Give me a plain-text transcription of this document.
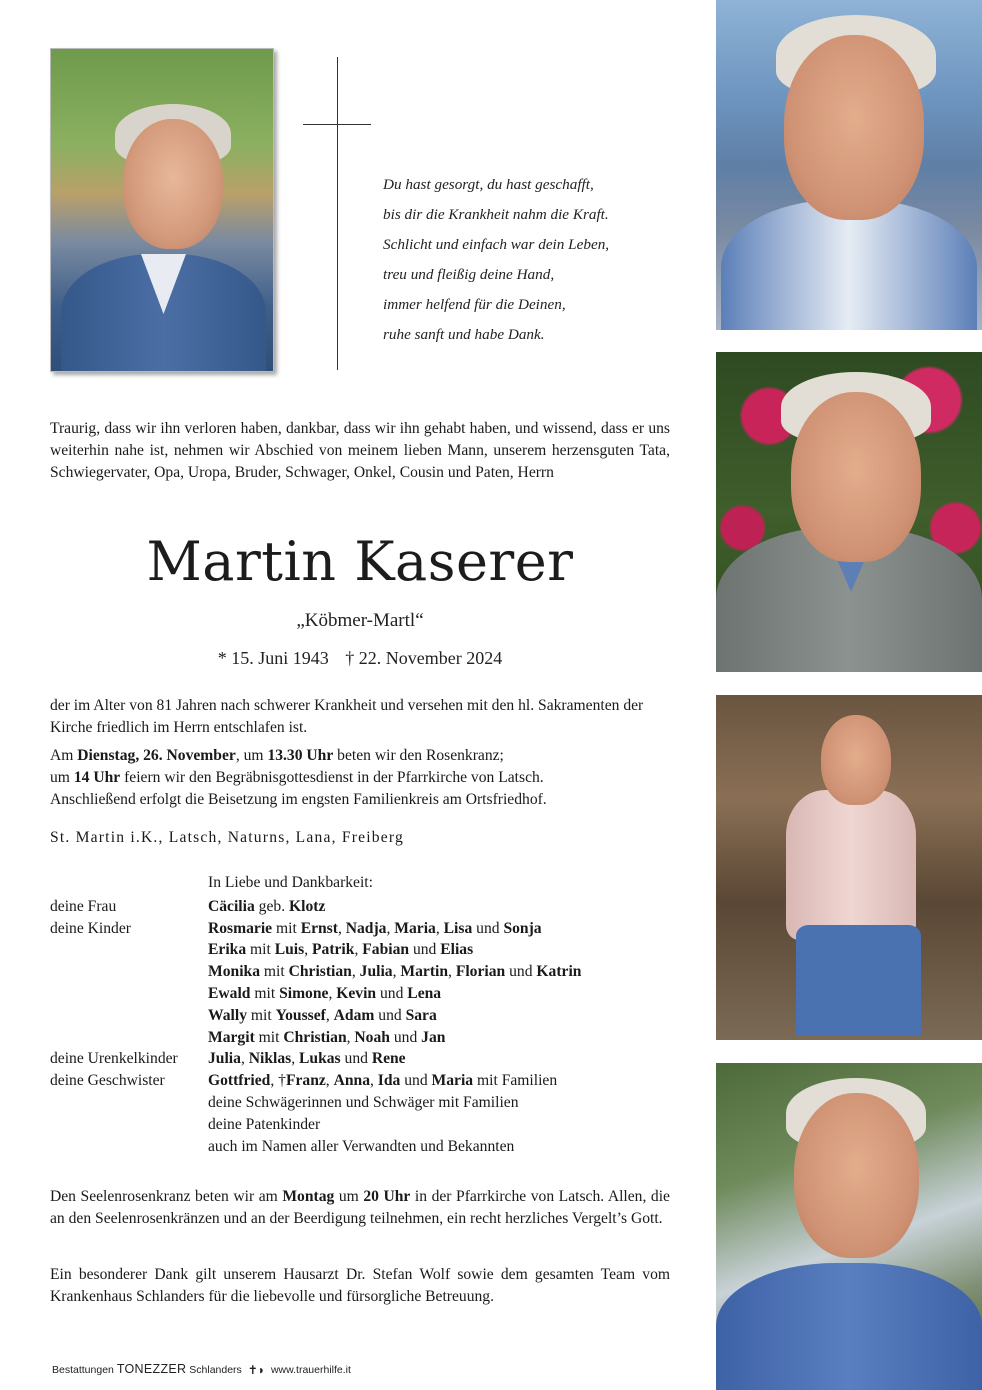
Du hast gesorgt, du hast geschafft,
bis dir die Krankheit nahm die Kraft.
Schlicht und einfach war dein Leben,
treu und fleißig deine Hand,
immer helfend für die Deinen,
ruhe sanft und habe Dank.
Traurig, dass wir ihn verloren haben, dankbar, dass wir ihn gehabt haben, und wissend, dass er uns weiterhin nahe ist, nehmen wir Abschied von meinem lieben Mann, unserem herzensguten Tata, Schwiegervater, Opa, Uropa, Bruder, Schwager, Onkel, Cousin und Paten, Herrn
Martin Kaserer
„Köbmer-Martl“
* 15. Juni 1943 † 22. November 2024
der im Alter von 81 Jahren nach schwerer Krankheit und versehen mit den hl. Sakramenten der Kirche friedlich im Herrn entschlafen ist.
Am Dienstag, 26. November, um 13.30 Uhr beten wir den Rosenkranz;
um 14 Uhr feiern wir den Begräbnisgottesdienst in der Pfarrkirche von Latsch.
Anschließend erfolgt die Beisetzung im engsten Familienkreis am Ortsfriedhof.
St. Martin i.K., Latsch, Naturns, Lana, Freiberg
In Liebe und Dankbarkeit:
deine Frau	Cäcilia geb. Klotz
deine Kinder	Rosmarie mit Ernst, Nadja, Maria, Lisa und Sonja
Erika mit Luis, Patrik, Fabian und Elias
Monika mit Christian, Julia, Martin, Florian und Katrin
Ewald mit Simone, Kevin und Lena
Wally mit Youssef, Adam und Sara
Margit mit Christian, Noah und Jan
deine Urenkelkinder	Julia, Niklas, Lukas und Rene
deine Geschwister	Gottfried, †Franz, Anna, Ida und Maria mit Familien
deine Schwägerinnen und Schwäger mit Familien
deine Patenkinder
auch im Namen aller Verwandten und Bekannten
Den Seelenrosenkranz beten wir am Montag um 20 Uhr in der Pfarrkirche von Latsch. Allen, die an den Seelenrosenkränzen und an der Beerdigung teilnehmen, ein recht herzliches Vergelt’s Gott.
Ein besonderer Dank gilt unserem Hausarzt Dr. Stefan Wolf sowie dem gesamten Team vom Krankenhaus Schlanders für die liebevolle und fürsorgliche Betreuung.
Bestattungen TONEZZER Schlanders ✝◗ www.trauerhilfe.it
